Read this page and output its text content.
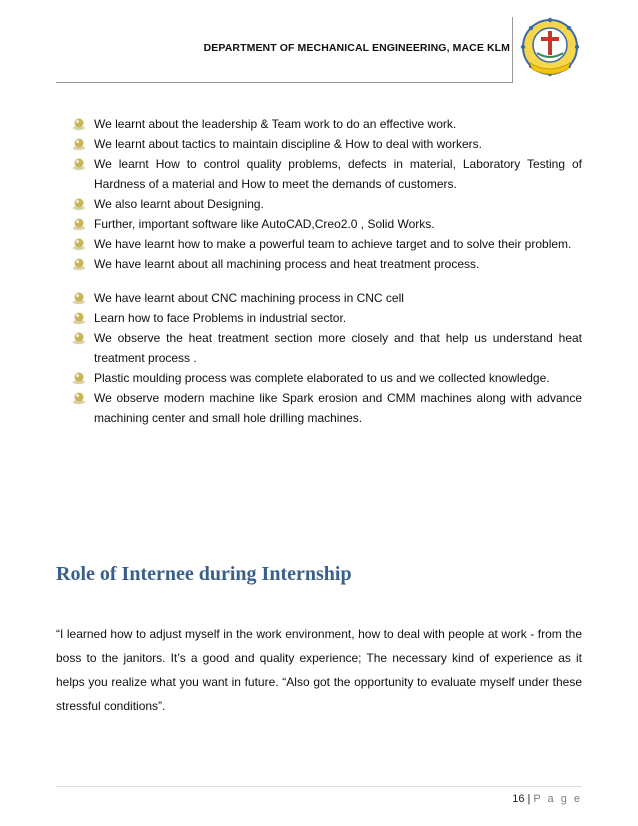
DEPARTMENT OF MECHANICAL ENGINEERING, MACE KLM
We learnt about the leadership & Team work to do an effective work.
We learnt about tactics to maintain discipline & How to deal with workers.
We learnt How to control quality problems, defects in material, Laboratory Testing of Hardness of a material and How to meet the demands of customers.
We also learnt about Designing.
Further, important software like AutoCAD,Creo2.0 , Solid Works.
We have learnt how to make a powerful team to achieve target and to solve their problem.
We have learnt about all machining process and heat treatment process.
We have learnt about CNC machining process in CNC cell
Learn how to face Problems in industrial sector.
We observe the heat treatment section more closely and that help us understand heat treatment process .
Plastic moulding process was complete elaborated to us and we collected knowledge.
We observe modern machine like Spark erosion and CMM machines along with advance machining center and small hole drilling machines.
Role of Internee during Internship

“I learned how to adjust myself in the work environment, how to deal with people at work - from the boss to the janitors. It’s a good and quality experience; The necessary kind of experience as it helps you realize what you want in future. “Also got the opportunity to evaluate myself under these stressful conditions”.

16 | P a g e
